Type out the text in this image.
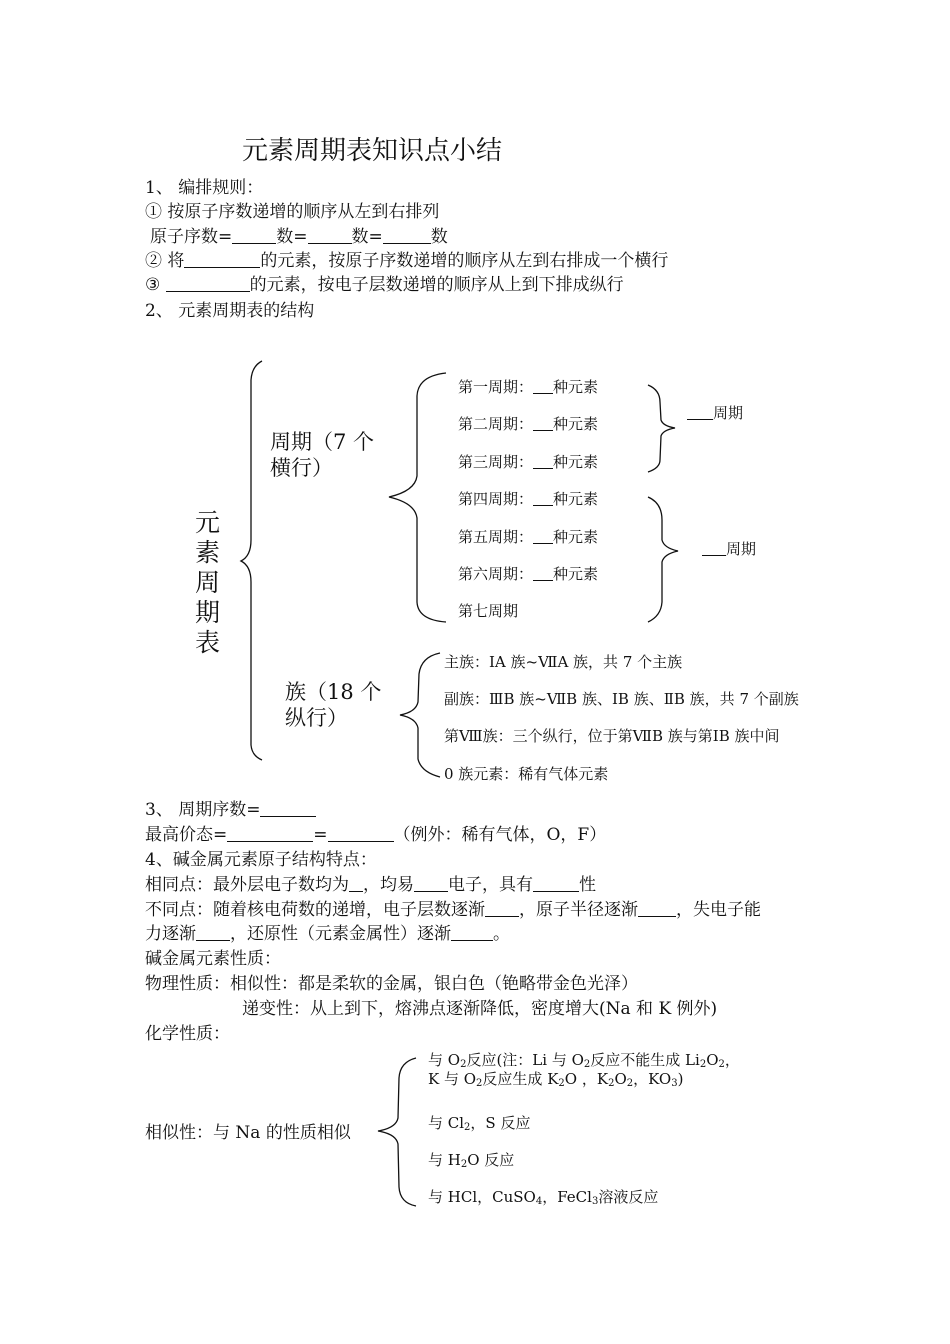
元素周期表知识点小结
1、 编排规则：
① 按原子序数递增的顺序从左到右排列
原子序数=	数=	数=	数
② 将	的元素，按原子序数递增的顺序从左到右排成一个横行
③	的元素，按电子层数递增的顺序从上到下排成纵行
2、 元素周期表的结构
元
素
周
期
表
周期（7 个
横行）
族（18 个
纵行）
第一周期： 种元素
第二周期： 种元素
第三周期： 种元素
第四周期： 种元素
第五周期： 种元素
第六周期： 种元素
第七周期
周期
周期
主族：ⅠA 族~ⅦA 族，共 7 个主族
副族：ⅢB 族~ⅦB 族、ⅠB 族、ⅡB 族，共 7 个副族
第Ⅷ族：三个纵行，位于第ⅦB 族与第ⅠB 族中间
0 族元素：稀有气体元素
3、 周期序数=
最高价态=	=	（例外：稀有气体，O，F）
4、碱金属元素原子结构特点：
相同点：最外层电子数均为 ，均易 电子，具有	性
不同点：随着核电荷数的递增，电子层数逐渐 ，原子半径逐渐 ，失电子能
力逐渐 ，还原性（元素金属性）逐渐 。
碱金属元素性质：
物理性质：相似性：都是柔软的金属，银白色（铯略带金色光泽）
递变性：从上到下，熔沸点逐渐降低，密度增大(Na 和 K 例外)
化学性质：
相似性：与 Na 的性质相似
与 $O_2$反应(注：Li 与 $O_2$反应不能生成 $Li_2O_2$，
K 与 $O_2$反应生成 $K_2O$ ，$K_2O_2$，$KO_3$)
与 $Cl_2$，S 反应
与 $H_2O$ 反应
与 HCl，CuSO$_4$，FeCl$_3$溶液反应
